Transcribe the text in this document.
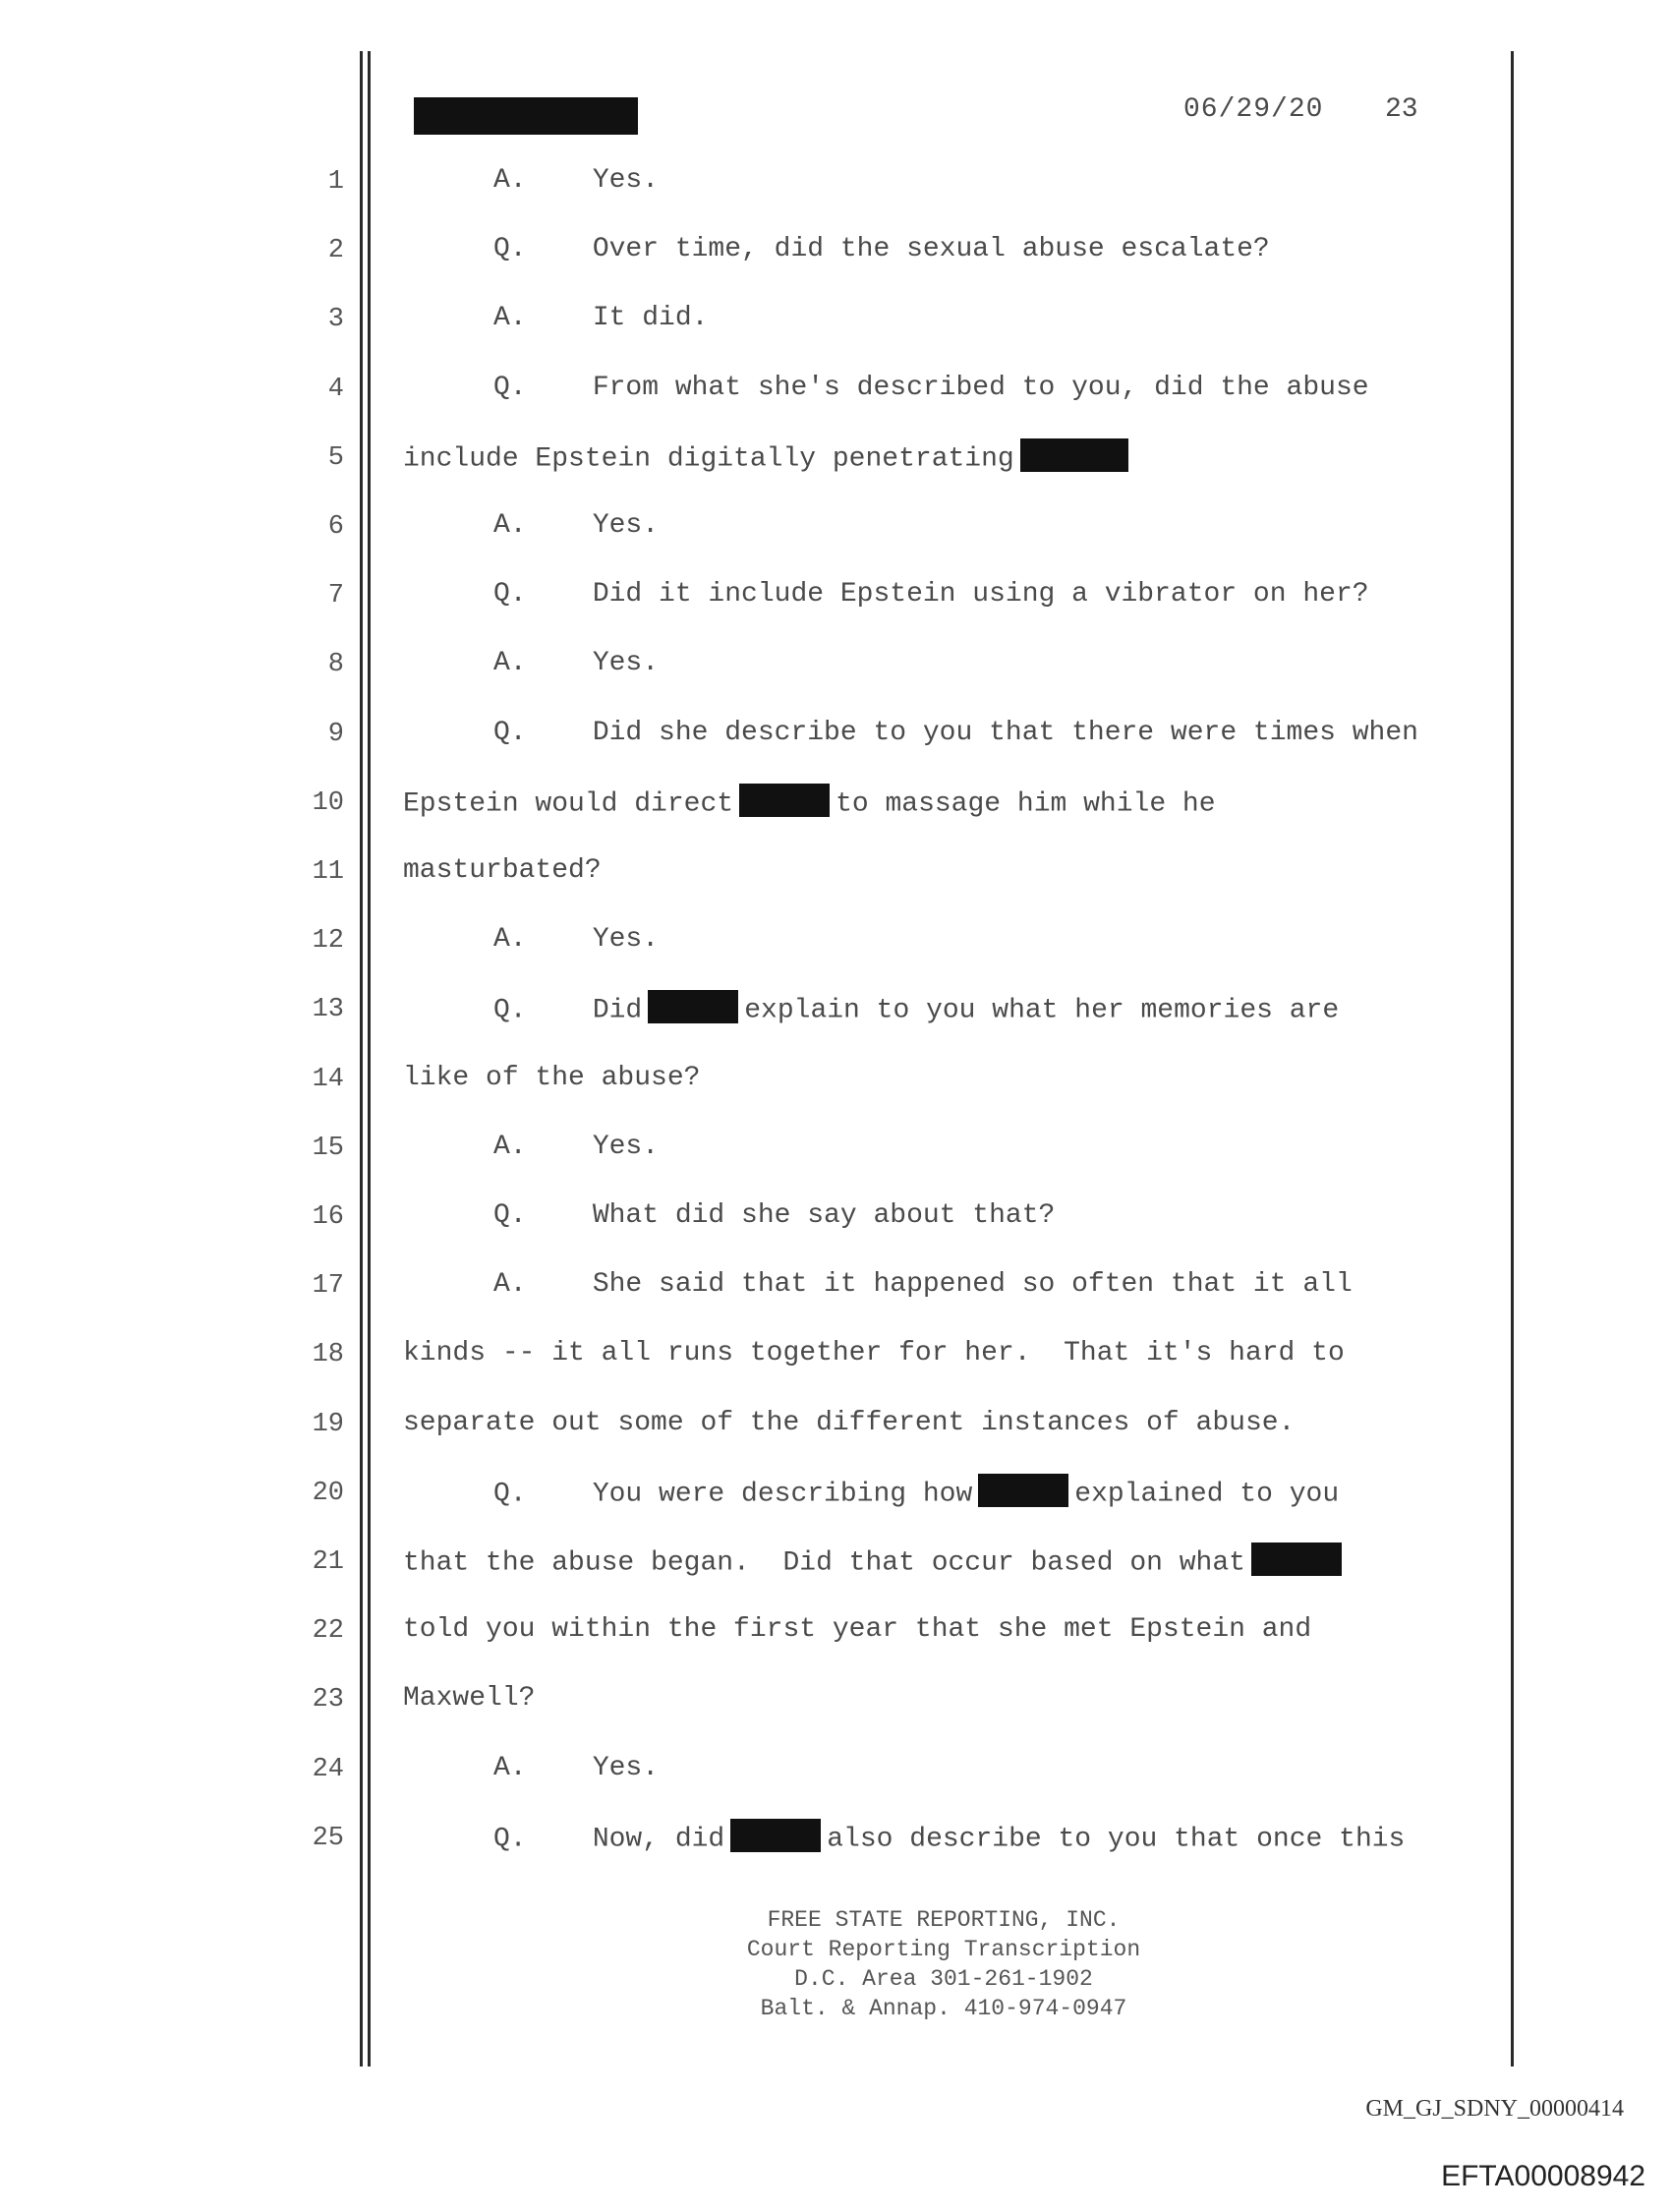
06/29/20 23
1	A.    Yes.
2	Q.    Over time, did the sexual abuse escalate?
3	A.    It did.
4	Q.    From what she's described to you, did the abuse
5 include Epstein digitally penetrating
6	A.    Yes.
7	Q.    Did it include Epstein using a vibrator on her?
8	A.    Yes.
9	Q.    Did she describe to you that there were times when
10 Epstein would direct	to massage him while he
11 masturbated?
12	A.    Yes.
13	Q.    Did	explain to you what her memories are
14 like of the abuse?
15	A.    Yes.
16	Q.    What did she say about that?
17	A.    She said that it happened so often that it all
18 kinds -- it all runs together for her.  That it's hard to
19 separate out some of the different instances of abuse.
20	Q.    You were describing how	explained to you
21 that the abuse began.  Did that occur based on what
22 told you within the first year that she met Epstein and
23 Maxwell?
24	A.    Yes.
25	Q.    Now, did	also describe to you that once this
FREE STATE REPORTING, INC.
Court Reporting Transcription
D.C. Area 301-261-1902
Balt. & Annap. 410-974-0947
GM_GJ_SDNY_00000414
EFTA00008942
